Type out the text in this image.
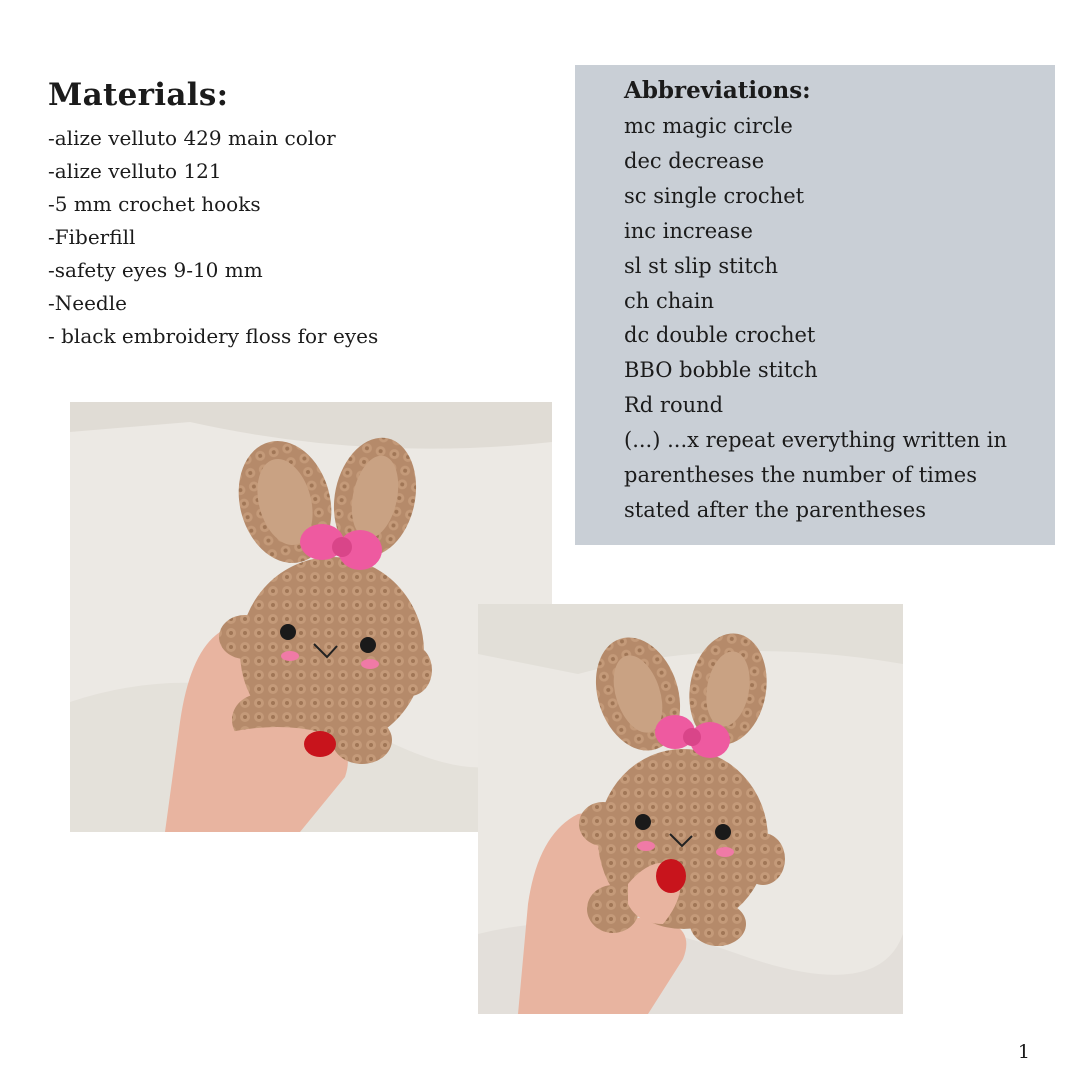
Materials:
-alize velluto 429 main color
-alize velluto 121
-5 mm crochet hooks
-Fiberfill
-safety eyes 9-10 mm
-Needle
- black embroidery floss for eyes
Abbreviations:
mc magic circle
dec decrease
sc single crochet
inc increase
sl st slip stitch
ch chain
dc double crochet
BBO bobble stitch
Rd round
(...) ...x repeat everything written in
parentheses the number of times
stated after the parentheses
1
